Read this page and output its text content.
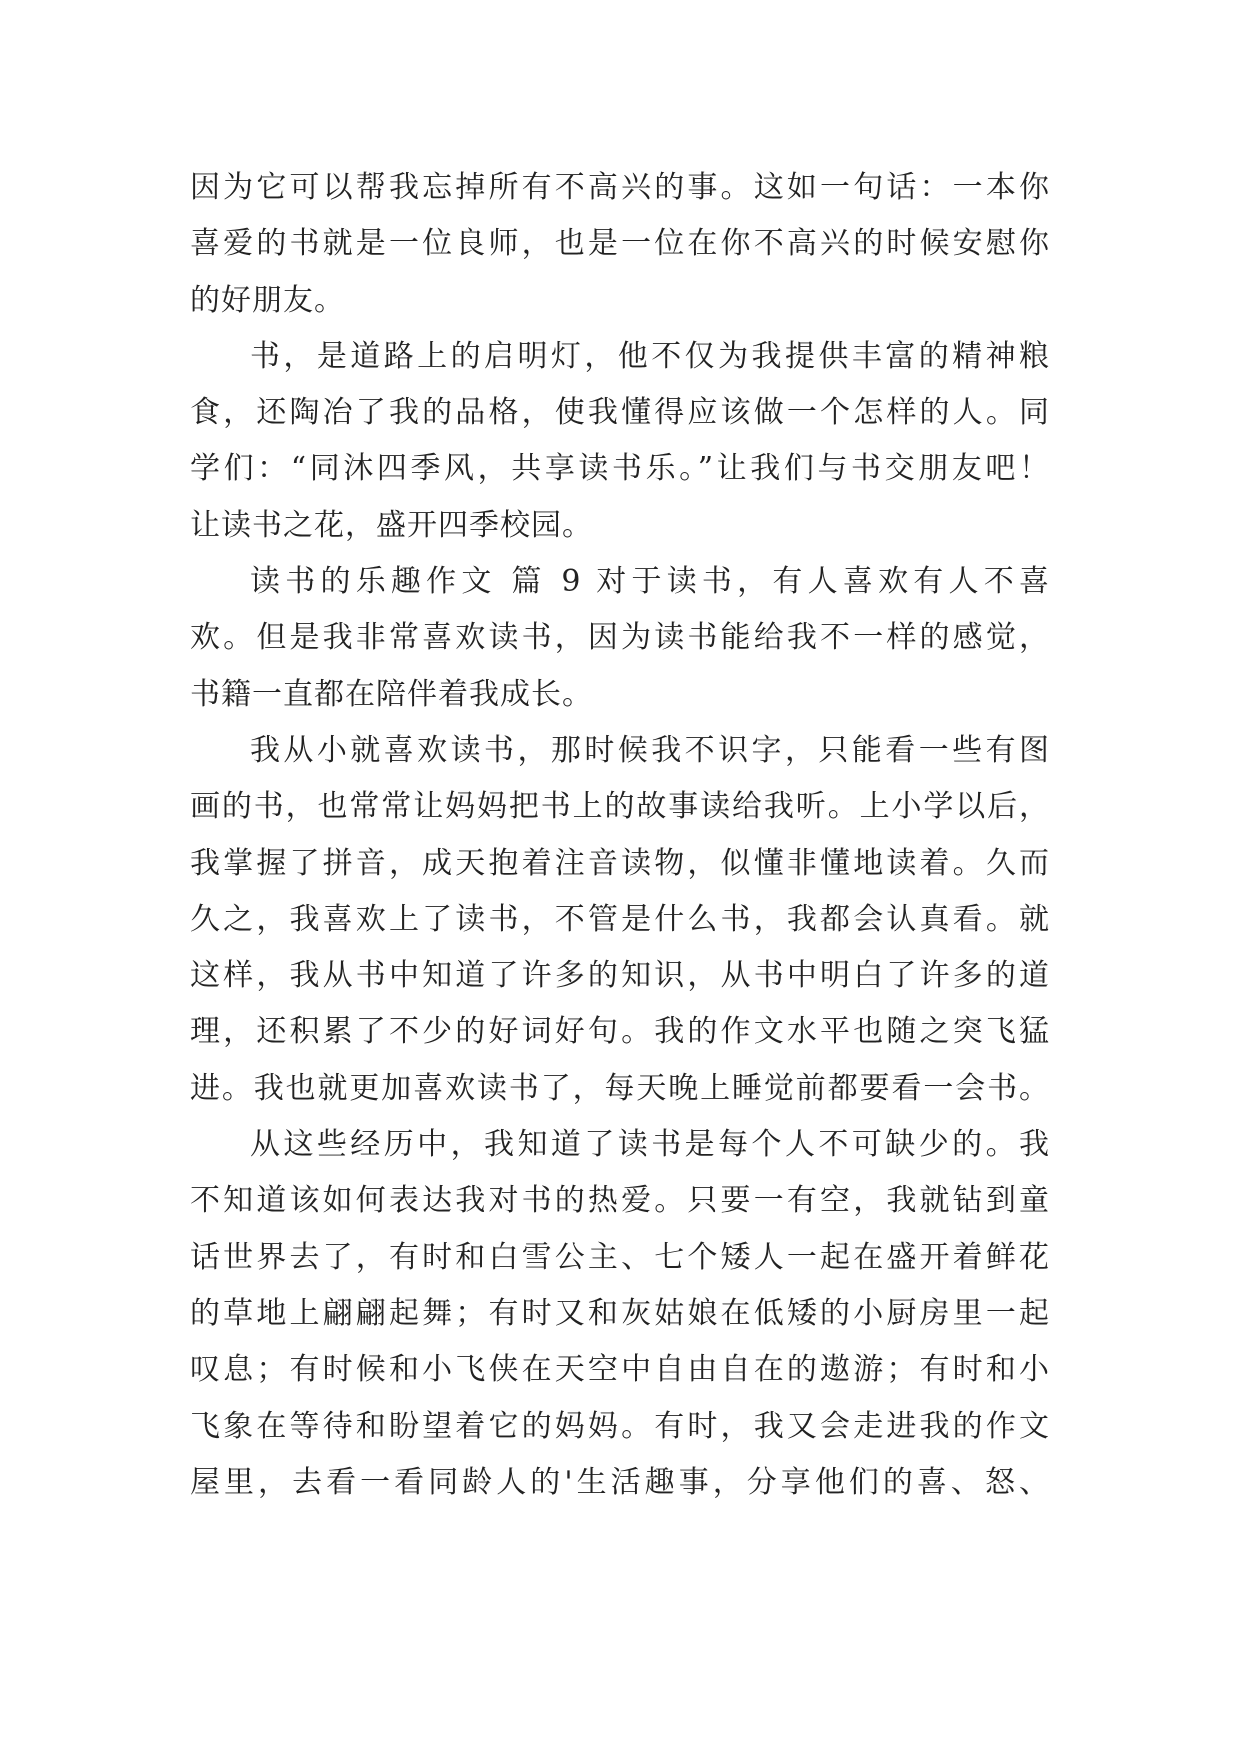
因为它可以帮我忘掉所有不高兴的事。这如一句话：一本你
喜爱的书就是一位良师，也是一位在你不高兴的时候安慰你
的好朋友。
书，是道路上的启明灯，他不仅为我提供丰富的精神粮
食，还陶冶了我的品格，使我懂得应该做一个怎样的人。同
学们：“同沐四季风，共享读书乐。”让我们与书交朋友吧！
让读书之花，盛开四季校园。
读书的乐趣作文 篇 9 对于读书，有人喜欢有人不喜
欢。但是我非常喜欢读书，因为读书能给我不一样的感觉，
书籍一直都在陪伴着我成长。
我从小就喜欢读书，那时候我不识字，只能看一些有图
画的书，也常常让妈妈把书上的故事读给我听。上小学以后，
我掌握了拼音，成天抱着注音读物，似懂非懂地读着。久而
久之，我喜欢上了读书，不管是什么书，我都会认真看。就
这样，我从书中知道了许多的知识，从书中明白了许多的道
理，还积累了不少的好词好句。我的作文水平也随之突飞猛
进。我也就更加喜欢读书了，每天晚上睡觉前都要看一会书。
从这些经历中，我知道了读书是每个人不可缺少的。我
不知道该如何表达我对书的热爱。只要一有空，我就钻到童
话世界去了，有时和白雪公主、七个矮人一起在盛开着鲜花
的草地上翩翩起舞；有时又和灰姑娘在低矮的小厨房里一起
叹息；有时候和小飞侠在天空中自由自在的遨游；有时和小
飞象在等待和盼望着它的妈妈。有时，我又会走进我的作文
屋里，去看一看同龄人的'生活趣事，分享他们的喜、怒、
